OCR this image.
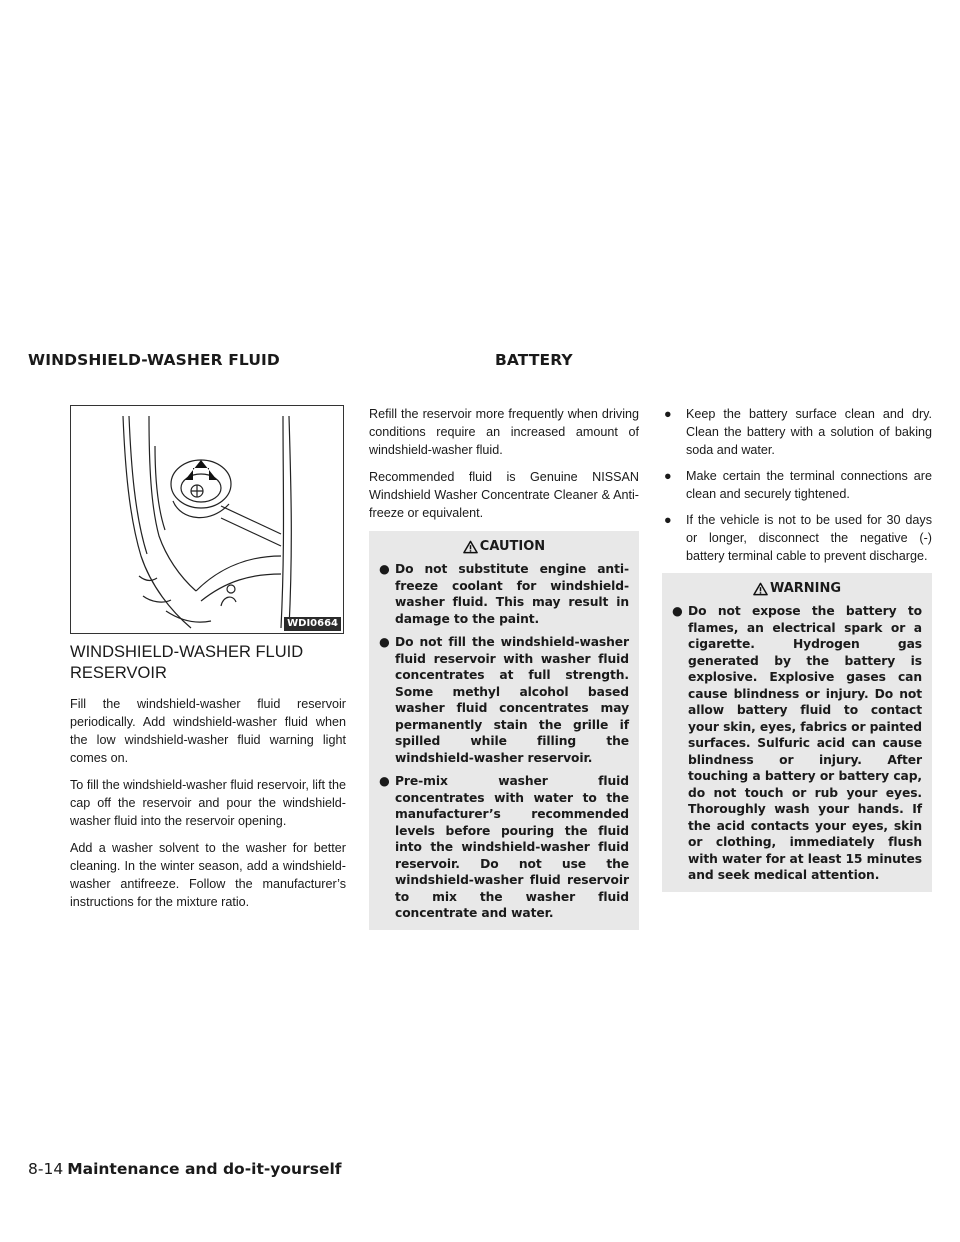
WINDSHIELD-WASHER FLUID	BATTERY
WDI0664
WINDSHIELD-WASHER FLUID RESERVOIR

Fill the windshield-washer fluid reservoir periodically. Add windshield-washer fluid when the low windshield-washer fluid warning light comes on.

To fill the windshield-washer fluid reservoir, lift the cap off the reservoir and pour the windshield-washer fluid into the reservoir opening.

Add a washer solvent to the washer for better cleaning. In the winter season, add a windshield-washer antifreeze. Follow the manufacturer’s instructions for the mixture ratio.

Refill the reservoir more frequently when driving conditions require an increased amount of windshield-washer fluid.

Recommended fluid is Genuine NISSAN Windshield Washer Concentrate Cleaner & Anti-freeze or equivalent.

CAUTION
● Do not substitute engine anti-freeze coolant for windshield-washer fluid. This may result in damage to the paint.
● Do not fill the windshield-washer fluid reservoir with washer fluid concentrates at full strength. Some methyl alcohol based washer fluid concentrates may permanently stain the grille if spilled while filling the windshield-washer reservoir.
● Pre-mix washer fluid concentrates with water to the manufacturer’s recommended levels before pouring the fluid into the windshield-washer fluid reservoir. Do not use the windshield-washer fluid reservoir to mix the washer fluid concentrate and water.
● Keep the battery surface clean and dry. Clean the battery with a solution of baking soda and water.
● Make certain the terminal connections are clean and securely tightened.
● If the vehicle is not to be used for 30 days or longer, disconnect the negative (-) battery terminal cable to prevent discharge.
WARNING
● Do not expose the battery to flames, an electrical spark or a cigarette. Hydrogen gas generated by the battery is explosive. Explosive gases can cause blindness or injury. Do not allow battery fluid to contact your skin, eyes, fabrics or painted surfaces. Sulfuric acid can cause blindness or injury. After touching a battery or battery cap, do not touch or rub your eyes. Thoroughly wash your hands. If the acid contacts your eyes, skin or clothing, immediately flush with water for at least 15 minutes and seek medical attention.
8-14 Maintenance and do-it-yourself
